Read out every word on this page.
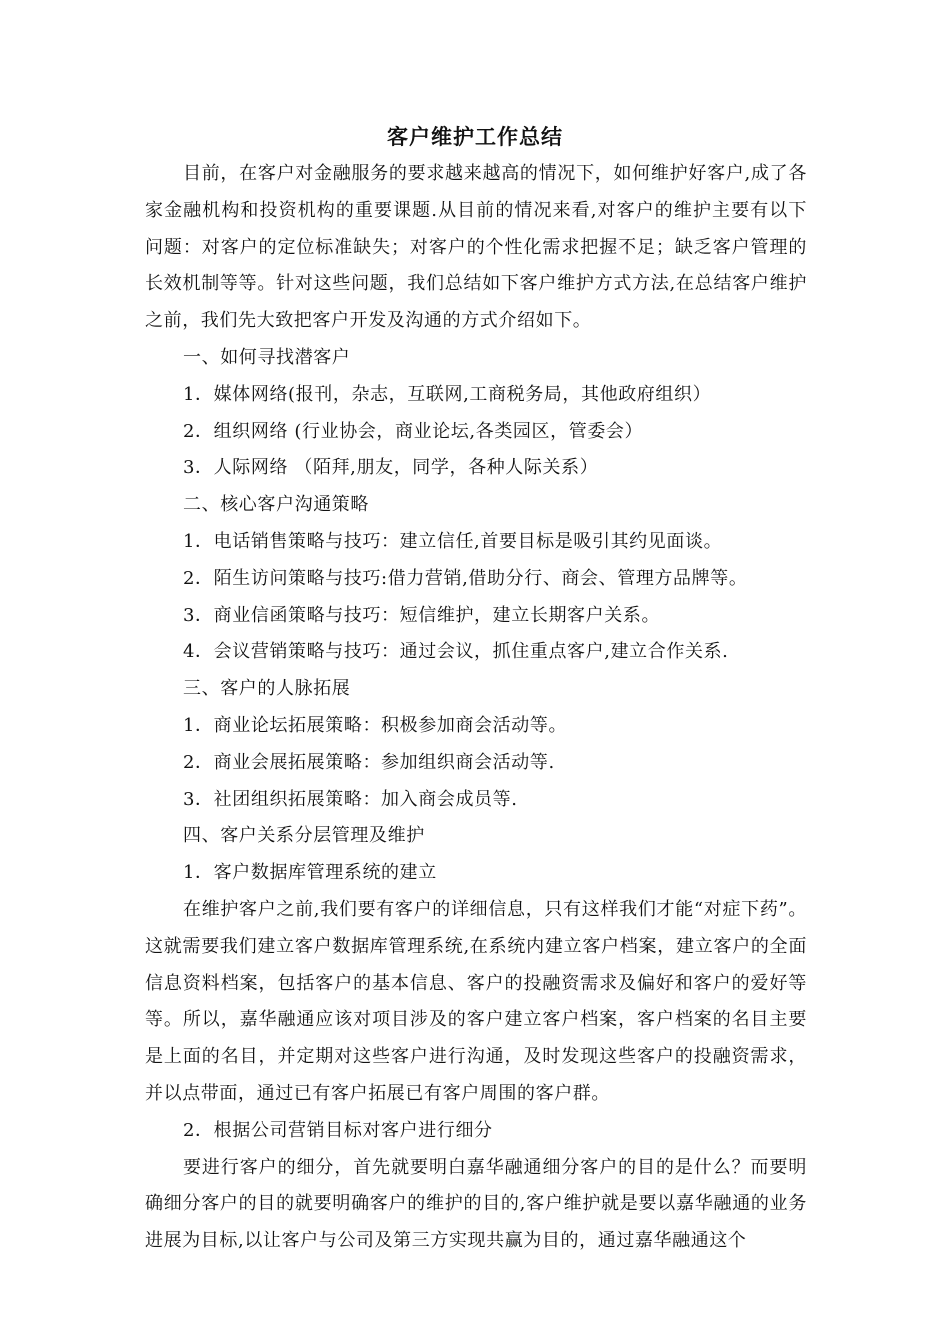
客户维护工作总结

目前，在客户对金融服务的要求越来越高的情况下，如何维护好客户,成了各家金融机构和投资机构的重要课题.从目前的情况来看,对客户的维护主要有以下问题：对客户的定位标准缺失；对客户的个性化需求把握不足；缺乏客户管理的长效机制等等。针对这些问题，我们总结如下客户维护方式方法,在总结客户维护之前，我们先大致把客户开发及沟通的方式介绍如下。

一、如何寻找潜客户

1．媒体网络(报刊，杂志，互联网,工商税务局，其他政府组织）

2．组织网络 (行业协会，商业论坛,各类园区，管委会）

3．人际网络 （陌拜,朋友，同学，各种人际关系）

二、核心客户沟通策略

1．电话销售策略与技巧：建立信任,首要目标是吸引其约见面谈。

2．陌生访问策略与技巧:借力营销,借助分行、商会、管理方品牌等。

3．商业信函策略与技巧：短信维护，建立长期客户关系。

4．会议营销策略与技巧：通过会议，抓住重点客户,建立合作关系.

三、客户的人脉拓展

1．商业论坛拓展策略：积极参加商会活动等。

2．商业会展拓展策略：参加组织商会活动等.

3．社团组织拓展策略：加入商会成员等.

四、客户关系分层管理及维护

1．客户数据库管理系统的建立

在维护客户之前,我们要有客户的详细信息，只有这样我们才能“对症下药”。这就需要我们建立客户数据库管理系统,在系统内建立客户档案，建立客户的全面信息资料档案，包括客户的基本信息、客户的投融资需求及偏好和客户的爱好等等。所以，嘉华融通应该对项目涉及的客户建立客户档案，客户档案的名目主要是上面的名目，并定期对这些客户进行沟通，及时发现这些客户的投融资需求，并以点带面，通过已有客户拓展已有客户周围的客户群。

2．根据公司营销目标对客户进行细分

要进行客户的细分，首先就要明白嘉华融通细分客户的目的是什么？而要明确细分客户的目的就要明确客户的维护的目的,客户维护就是要以嘉华融通的业务进展为目标,以让客户与公司及第三方实现共赢为目的，通过嘉华融通这个
